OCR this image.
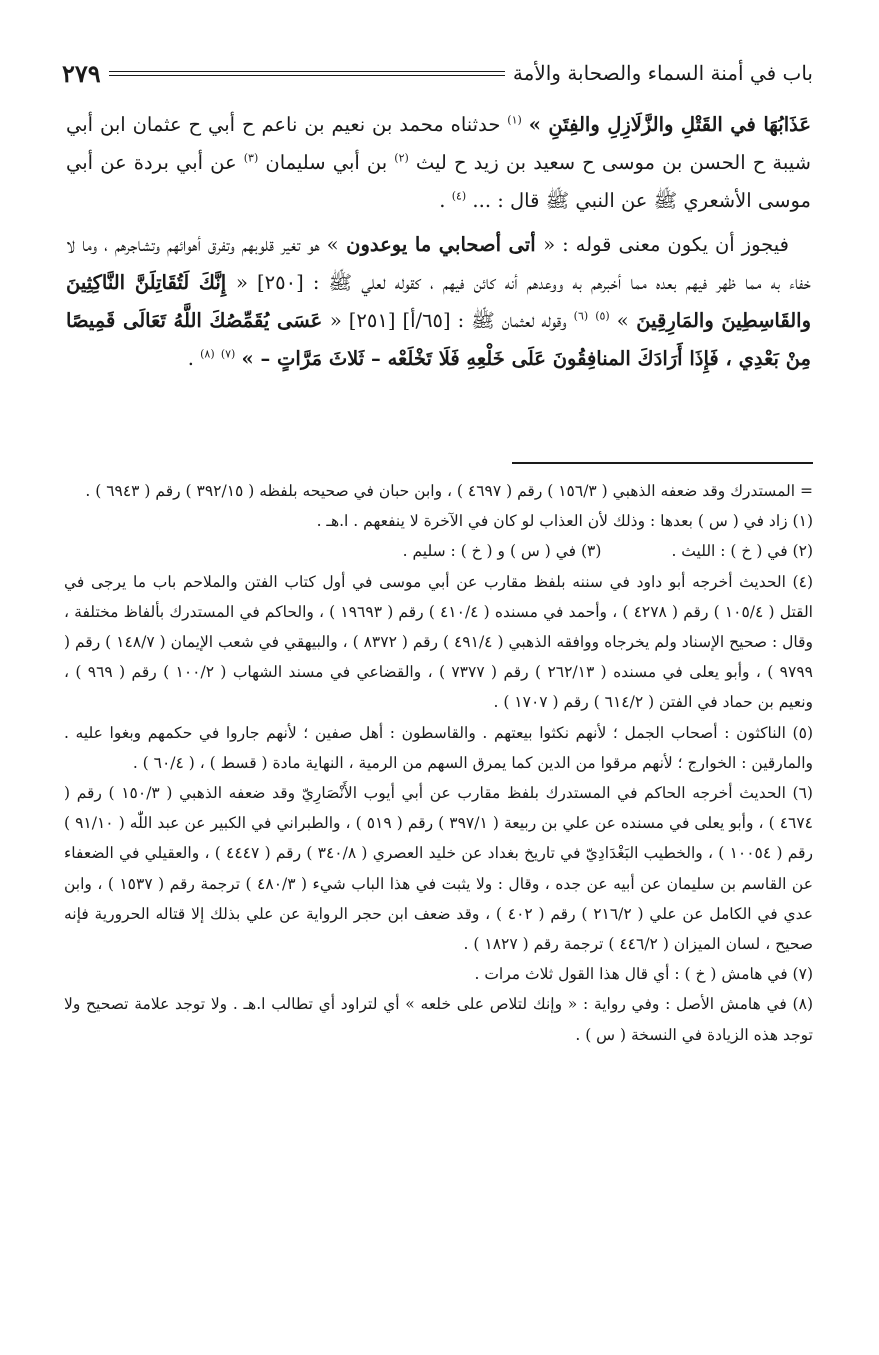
باب في أمنة السماء والصحابة والأمة
٢٧٩

عَذَابُهَا في القَتْلِ والزَّلَازِلِ والفِتَنِ » $^{(١)}$ حدثناه محمد بن نعيم بن ناعم ح أبي ح عثمان ابن أبي شيبة ح الحسن بن موسى ح سعيد بن زيد ح ليث $^{(٢)}$ بن أبي سليمان $^{(٣)}$ عن أبي بردة عن أبي موسى الأشعري ﷺ عن النبي ﷺ قال : ... $^{(٤)}$ .

فيجوز أن يكون معنى قوله : « أتى أصحابي ما يوعدون » هو تغير قلوبهم وتفرق أهوائهم وتشاجرهم ، وما لا خفاء به مما ظهر فيهم بعده مما أخبرهم به ووعدهم أنه كائن فيهم ، كقوله لعلي ﷺ : [٢٥٠] « إِنَّكَ لَتُقَاتِلَنَّ النَّاكِثِينَ والقَاسِطِينَ والمَارِقِينَ » $^{(٥)}$ $^{(٦)}$ وقوله لعثمان ﷺ : [٦٥/أ] [٢٥١] « عَسَى يُقَمِّصُكَ اللَّهُ تَعَالَى قَمِيصًا مِنْ بَعْدِي ، فَإِذَا أَرَادَكَ المنافِقُونَ عَلَى خَلْعِهِ فَلَا تَخْلَعْه – ثَلاثَ مَرَّاتٍ – » $^{(٧)}$ $^{(٨)}$ .

= المستدرك وقد ضعفه الذهبي ( ١٥٦/٣ ) رقم ( ٤٦٩٧ ) ، وابن حبان في صحيحه بلفظه ( ٣٩٢/١٥ ) رقم ( ٦٩٤٣ ) .

(١) زاد في ( س ) بعدها : وذلك لأن العذاب لو كان في الآخرة لا ينفعهم . ا.هـ .

(٢) في ( خ ) : الليث .
(٣) في ( س ) و ( خ ) : سليم .

(٤) الحديث أخرجه أبو داود في سننه بلفظ مقارب عن أبي موسى في أول كتاب الفتن والملاحم باب ما يرجى في القتل ( ١٠٥/٤ ) رقم ( ٤٢٧٨ ) ، وأحمد في مسنده ( ٤١٠/٤ ) رقم ( ١٩٦٩٣ ) ، والحاكم في المستدرك بألفاظ مختلفة ، وقال : صحيح الإسناد ولم يخرجاه ووافقه الذهبي ( ٤٩١/٤ ) رقم ( ٨٣٧٢ ) ، والبيهقي في شعب الإيمان ( ١٤٨/٧ ) رقم ( ٩٧٩٩ ) ، وأبو يعلى في مسنده ( ٢٦٢/١٣ ) رقم ( ٧٣٧٧ ) ، والقضاعي في مسند الشهاب ( ١٠٠/٢ ) رقم ( ٩٦٩ ) ، ونعيم بن حماد في الفتن ( ٦١٤/٢ ) رقم ( ١٧٠٧ ) .

(٥) الناكثون : أصحاب الجمل ؛ لأنهم نكثوا بيعتهم . والقاسطون : أهل صفين ؛ لأنهم جاروا في حكمهم وبغوا عليه . والمارقين : الخوارج ؛ لأنهم مرقوا من الدين كما يمرق السهم من الرمية ، النهاية مادة ( قسط ) ، ( ٦٠/٤ ) .

(٦) الحديث أخرجه الحاكم في المستدرك بلفظ مقارب عن أبي أيوب الأَنْصَارِيّ وقد ضعفه الذهبي ( ١٥٠/٣ ) رقم ( ٤٦٧٤ ) ، وأبو يعلى في مسنده عن علي بن ربيعة ( ٣٩٧/١ ) رقم ( ٥١٩ ) ، والطبراني في الكبير عن عبد اللّٰه ( ٩١/١٠ ) رقم ( ١٠٠٥٤ ) ، والخطيب البَغْدَادِيّ في تاريخ بغداد عن خليد العصري ( ٣٤٠/٨ ) رقم ( ٤٤٤٧ ) ، والعقيلي في الضعفاء عن القاسم بن سليمان عن أبيه عن جده ، وقال : ولا يثبت في هذا الباب شيء ( ٤٨٠/٣ ) ترجمة رقم ( ١٥٣٧ ) ، وابن عدي في الكامل عن علي ( ٢١٦/٢ ) رقم ( ٤٠٢ ) ، وقد ضعف ابن حجر الرواية عن علي بذلك إلا قتاله الحرورية فإنه صحيح ، لسان الميزان ( ٤٤٦/٢ ) ترجمة رقم ( ١٨٢٧ ) .

(٧) في هامش ( خ ) : أي قال هذا القول ثلاث مرات .

(٨) في هامش الأصل : وفي رواية : « وإنك لتلاص على خلعه » أي لتراود أي تطالب ا.هـ . ولا توجد علامة تصحيح ولا توجد هذه الزيادة في النسخة ( س ) .
